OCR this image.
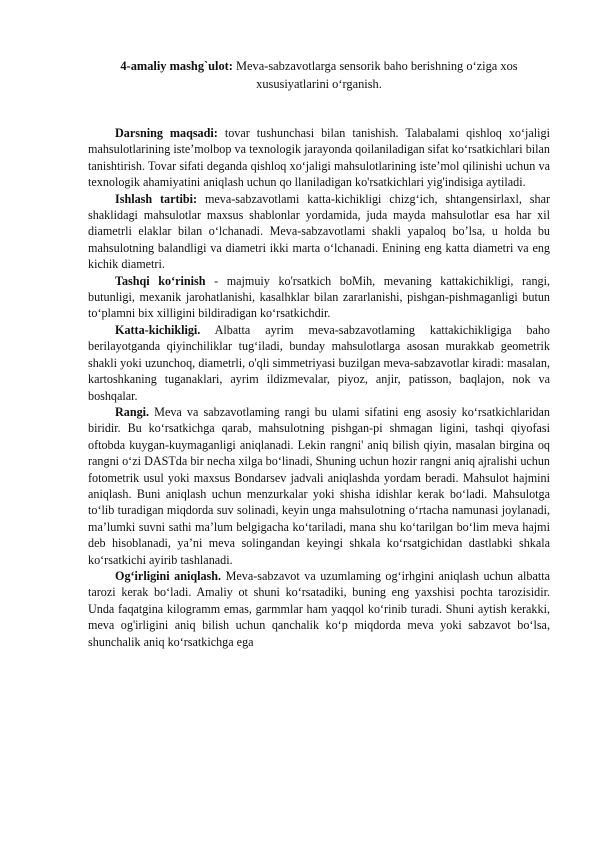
4-amaliy mashg`ulot: Meva-sabzavotlarga sensorik baho berishning o‘ziga xos xususiyatlarini o‘rganish.

Darsning maqsadi: tovar tushunchasi bilan tanishish. Talabalami qishloq xo‘jaligi mahsulotlarining iste’molbop va texnologik jarayonda qoilaniladigan sifat ko‘rsatkichlari bilan tanishtirish. Tovar sifati deganda qishloq xo‘jaligi mahsulotlarining iste’mol qilinishi uchun va texnologik ahamiyatini aniqlash uchun qo llaniladigan ko'rsatkichlari yig'indisiga aytiladi.

Ishlash tartibi: meva-sabzavotlami katta-kichikligi chizg‘ich, shtangensirlaxl, shar shaklidagi mahsulotlar maxsus shablonlar yordamida, juda mayda mahsulotlar esa har xil diametrli elaklar bilan o‘lchanadi. Meva-sabzavotlami shakli yapaloq bo’lsa, u holda bu mahsulotning balandligi va diametri ikki marta o‘lchanadi. Enining eng katta diametri va eng kichik diametri.

Tashqi ko‘rinish - majmuiy ko'rsatkich boMih, mevaning kattakichikligi, rangi, butunligi, mexanik jarohatlanishi, kasalhklar bilan zararlanishi, pishgan-pishmaganligi butun to‘plamni bix xilligini bildiradigan ko‘rsatkichdir.

Katta-kichikligi. Albatta ayrim meva-sabzavotlaming kattakichikligiga baho berilayotganda qiyinchiliklar tug‘iladi, bunday mahsulotlarga asosan murakkab geometrik shakli yoki uzunchoq, diametrli, o'qli simmetriyasi buzilgan meva-sabzavotlar kiradi: masalan, kartoshkaning tuganaklari, ayrim ildizmevalar, piyoz, anjir, patisson, baqlajon, nok va boshqalar.

Rangi. Meva va sabzavotlaming rangi bu ulami sifatini eng asosiy ko‘rsatkichlaridan biridir. Bu ko‘rsatkichga qarab, mahsulotning pishgan-pi shmagan ligini, tashqi qiyofasi oftobda kuygan-kuymaganligi aniqlanadi. Lekin rangni' aniq bilish qiyin, masalan birgina oq rangni o‘zi DASTda bir necha xilga bo‘linadi, Shuning uchun hozir rangni aniq ajralishi uchun fotometrik usul yoki maxsus Bondarsev jadvali aniqlashda yordam beradi. Mahsulot hajmini aniqlash. Buni aniqlash uchun menzurkalar yoki shisha idishlar kerak bo‘ladi. Mahsulotga to‘lib turadigan miqdorda suv solinadi, keyin unga mahsulotning o‘rtacha namunasi joylanadi, ma’lumki suvni sathi ma’lum belgigacha ko‘tariladi, mana shu ko‘tarilgan bo‘lim meva hajmi deb hisoblanadi, ya’ni meva solingandan keyingi shkala ko‘rsatgichidan dastlabki shkala ko‘rsatkichi ayirib tashlanadi.

Og‘irligini aniqlash. Meva-sabzavot va uzumlaming og‘irhgini aniqlash uchun albatta tarozi kerak bo‘ladi. Amaliy ot shuni ko‘rsatadiki, buning eng yaxshisi pochta tarozisidir. Unda faqatgina kilogramm emas, garmmlar ham yaqqol ko‘rinib turadi. Shuni aytish kerakki, meva og'irligini aniq bilish uchun qanchalik ko‘p miqdorda meva yoki sabzavot bo‘lsa, shunchalik aniq ko‘rsatkichga ega
